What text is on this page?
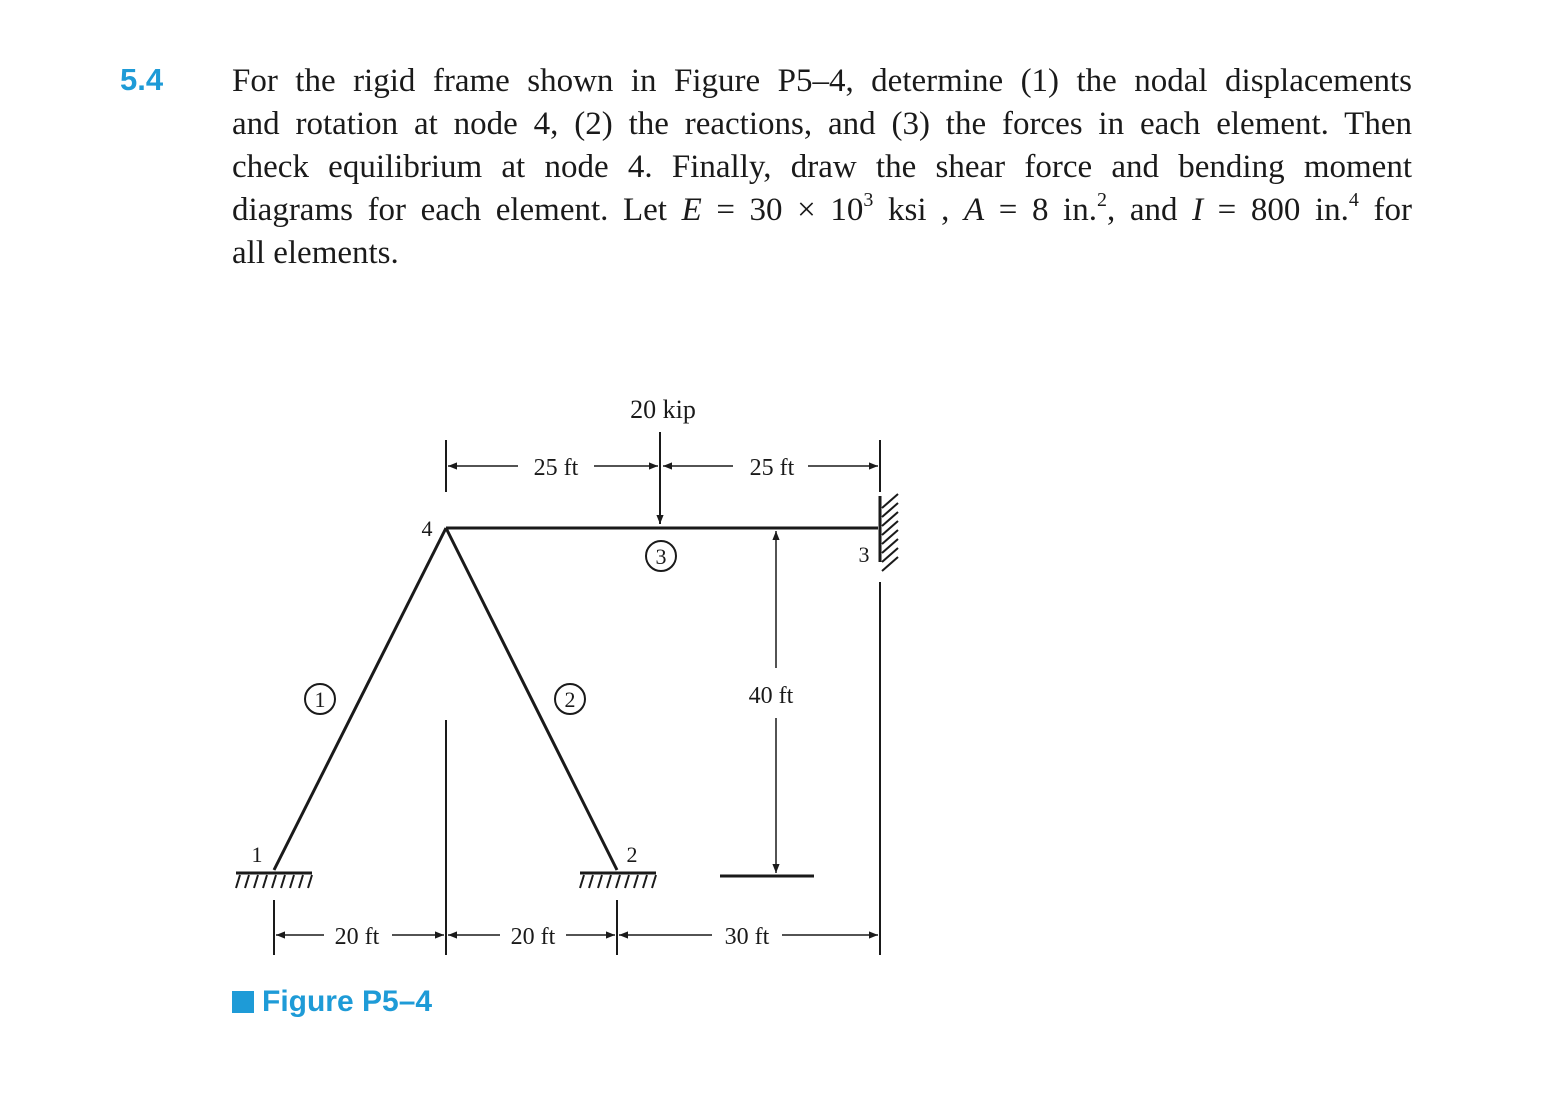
5.4 For the rigid frame shown in Figure P5–4, determine (1) the nodal displacements
and rotation at node 4, (2) the reactions, and (3) the forces in each element. Then
check equilibrium at node 4. Finally, draw the shear force and bending moment
diagrams for each element. Let $E = 30 \times 10^3$ ksi , A = 8 in.$^2$, and I = 800 in.$^4$ for
all elements.
20 kip
25 ft	25 ft
40 ft
20 ft	20 ft	30 ft
1	2
3
4
1	2
3
Figure P5–4
